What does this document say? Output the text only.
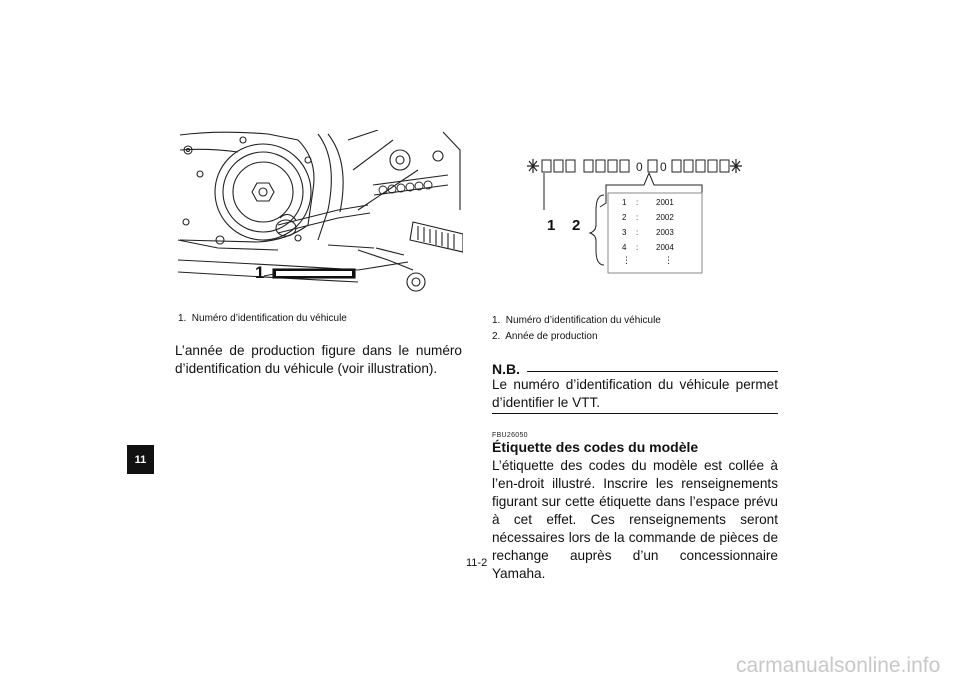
11
1
1. Numéro d’identification du véhicule
L’année de production figure dans le numéro d’identification du véhicule (voir illustration).
0 0
1 2
1	:	2001
2	:	2002
3	:	2003
4	:	2004
⋮	⋮
1. Numéro d’identification du véhicule
2. Année de production
N.B.
Le numéro d’identification du véhicule permet d’identifier le VTT.
FBU26050
Étiquette des codes du modèle
L’étiquette des codes du modèle est collée à l’en-droit illustré. Inscrire les renseignements figurant sur cette étiquette dans l’espace prévu à cet effet. Ces renseignements seront nécessaires lors de la commande de pièces de rechange auprès d’un concessionnaire Yamaha.
11-2
carmanualsonline.info
